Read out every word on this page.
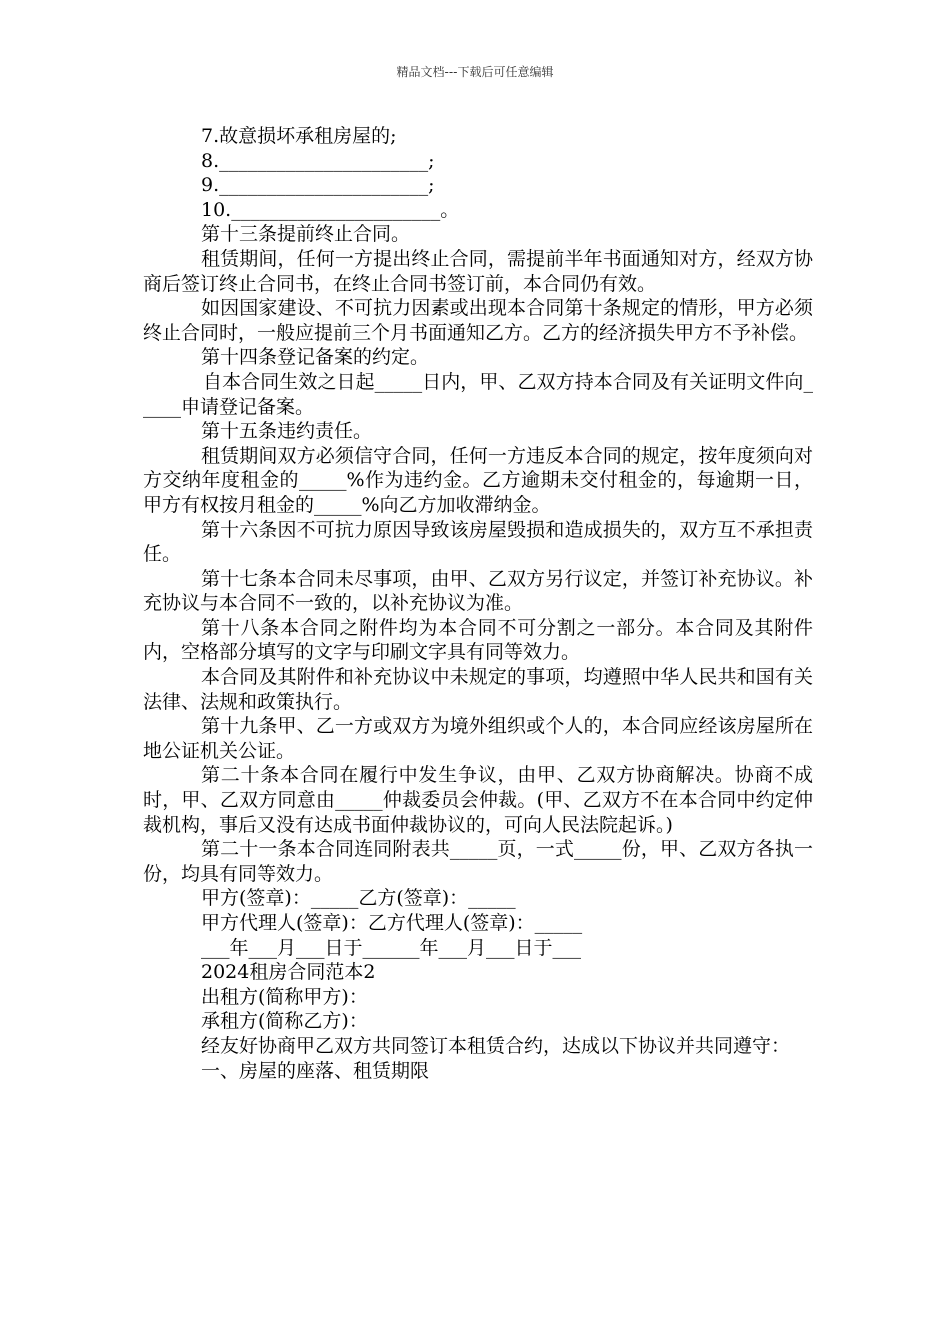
精品文档---下载后可任意编辑

7.故意损坏承租房屋的;

8.______________________;

9.______________________;

10.______________________。

第十三条提前终止合同。

租赁期间，任何一方提出终止合同，需提前半年书面通知对方，经双方协商后签订终止合同书，在终止合同书签订前，本合同仍有效。

如因国家建设、不可抗力因素或出现本合同第十条规定的情形，甲方必须终止合同时，一般应提前三个月书面通知乙方。乙方的经济损失甲方不予补偿。

第十四条登记备案的约定。

自本合同生效之日起_____日内，甲、乙双方持本合同及有关证明文件向_____申请登记备案。

第十五条违约责任。

租赁期间双方必须信守合同，任何一方违反本合同的规定，按年度须向对方交纳年度租金的_____%作为违约金。乙方逾期未交付租金的，每逾期一日，甲方有权按月租金的_____%向乙方加收滞纳金。

第十六条因不可抗力原因导致该房屋毁损和造成损失的，双方互不承担责任。

第十七条本合同未尽事项，由甲、乙双方另行议定，并签订补充协议。补充协议与本合同不一致的，以补充协议为准。

第十八条本合同之附件均为本合同不可分割之一部分。本合同及其附件内，空格部分填写的文字与印刷文字具有同等效力。

本合同及其附件和补充协议中未规定的事项，均遵照中华人民共和国有关法律、法规和政策执行。

第十九条甲、乙一方或双方为境外组织或个人的，本合同应经该房屋所在地公证机关公证。

第二十条本合同在履行中发生争议，由甲、乙双方协商解决。协商不成时，甲、乙双方同意由_____仲裁委员会仲裁。(甲、乙双方不在本合同中约定仲裁机构，事后又没有达成书面仲裁协议的，可向人民法院起诉。)

第二十一条本合同连同附表共_____页，一式_____份，甲、乙双方各执一份，均具有同等效力。

甲方(签章)：_____乙方(签章)：_____

甲方代理人(签章)：乙方代理人(签章)：_____

___年___月___日于______年___月___日于___

2024租房合同范本2

出租方(简称甲方)：

承租方(简称乙方)：

经友好协商甲乙双方共同签订本租赁合约，达成以下协议并共同遵守：

一、房屋的座落、租赁期限
